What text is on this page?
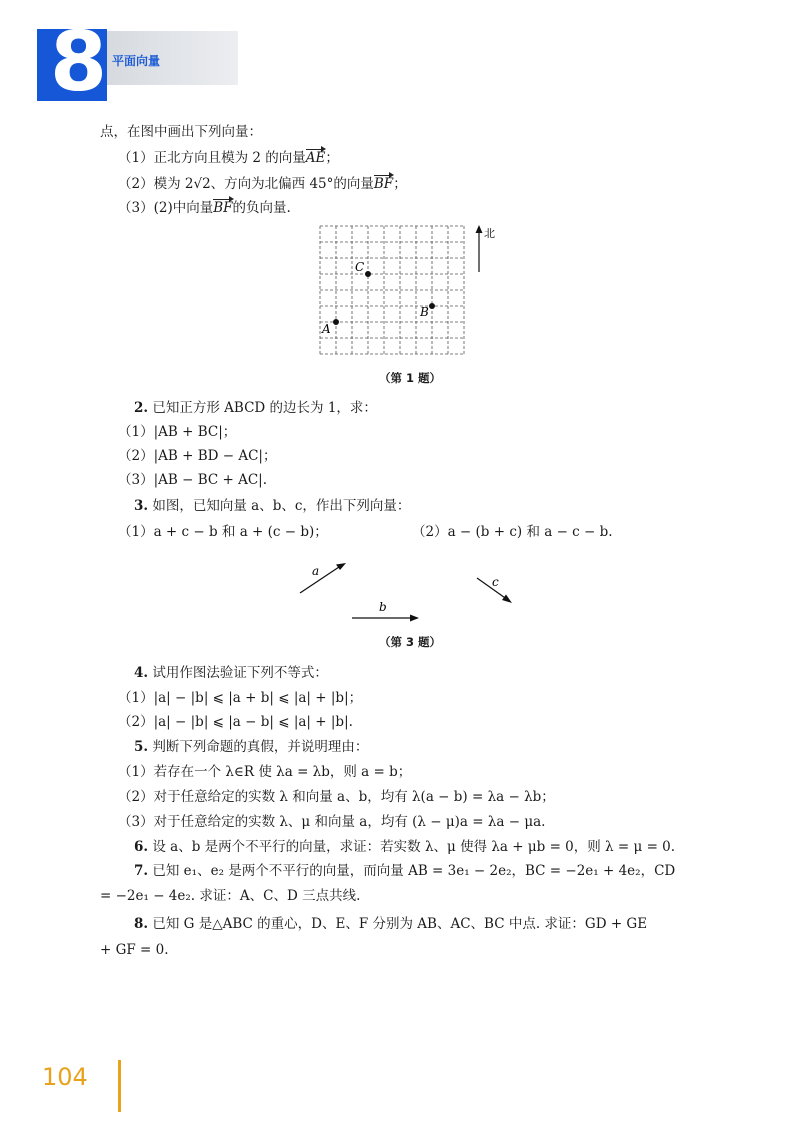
8 平面向量
点，在图中画出下列向量：
（1）正北方向且模为 2 的向量AE；
（2）模为 2√2、方向为北偏西 45°的向量BF；
（3）(2)中向量BF的负向量.
C
B
A
北
（第 1 题）
2. 已知正方形 ABCD 的边长为 1，求：
（1）|AB + BC|；
（2）|AB + BD − AC|；
（3）|AB − BC + AC|.
3. 如图，已知向量 a、b、c，作出下列向量：
（1）a + c − b 和 a + (c − b)；	（2）a − (b + c) 和 a − c − b.
a
b
c
（第 3 题）
4. 试用作图法验证下列不等式：
（1）|a| − |b| ⩽ |a + b| ⩽ |a| + |b|；
（2）|a| − |b| ⩽ |a − b| ⩽ |a| + |b|.
5. 判断下列命题的真假，并说明理由：
（1）若存在一个 λ∈R 使 λa = λb，则 a = b；
（2）对于任意给定的实数 λ 和向量 a、b，均有 λ(a − b) = λa − λb；
（3）对于任意给定的实数 λ、μ 和向量 a，均有 (λ − μ)a = λa − μa.
6. 设 a、b 是两个不平行的向量，求证：若实数 λ、μ 使得 λa + μb = 0，则 λ = μ = 0.
7. 已知 e₁、e₂ 是两个不平行的向量，而向量 AB = 3e₁ − 2e₂，BC = −2e₁ + 4e₂，CD
= −2e₁ − 4e₂. 求证：A、C、D 三点共线.
8. 已知 G 是△ABC 的重心，D、E、F 分别为 AB、AC、BC 中点. 求证：GD + GE
+ GF = 0.
104
